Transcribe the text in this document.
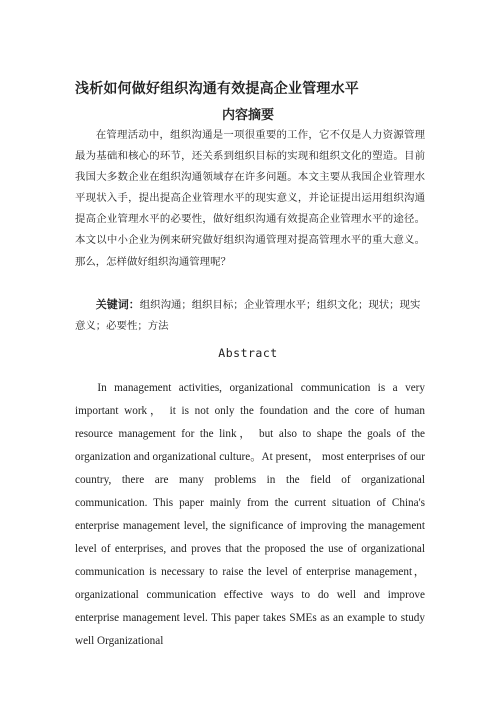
浅析如何做好组织沟通有效提高企业管理水平
内容摘要

在管理活动中，组织沟通是一项很重要的工作，它不仅是人力资源管理最为基础和核心的环节，还关系到组织目标的实现和组织文化的塑造。目前我国大多数企业在组织沟通领域存在许多问题。本文主要从我国企业管理水平现状入手，提出提高企业管理水平的现实意义，并论证提出运用组织沟通提高企业管理水平的必要性，做好组织沟通有效提高企业管理水平的途径。本文以中小企业为例来研究做好组织沟通管理对提高管理水平的重大意义。那么，怎样做好组织沟通管理呢？

关键词：组织沟通；组织目标；企业管理水平；组织文化；现状；现实意义；必要性；方法

Abstract

In management activities, organizational communication is a very important work， it is not only the foundation and the core of human resource management for the link， but also to shape the goals of the organization and organizational culture。At present， most enterprises of our country, there are many problems in the field of organizational communication. This paper mainly from the current situation of China's enterprise management level, the significance of improving the management level of enterprises, and proves that the proposed the use of organizational communication is necessary to raise the level of enterprise management，organizational communication effective ways to do well and improve enterprise management level. This paper takes SMEs as an example to study well Organizational
